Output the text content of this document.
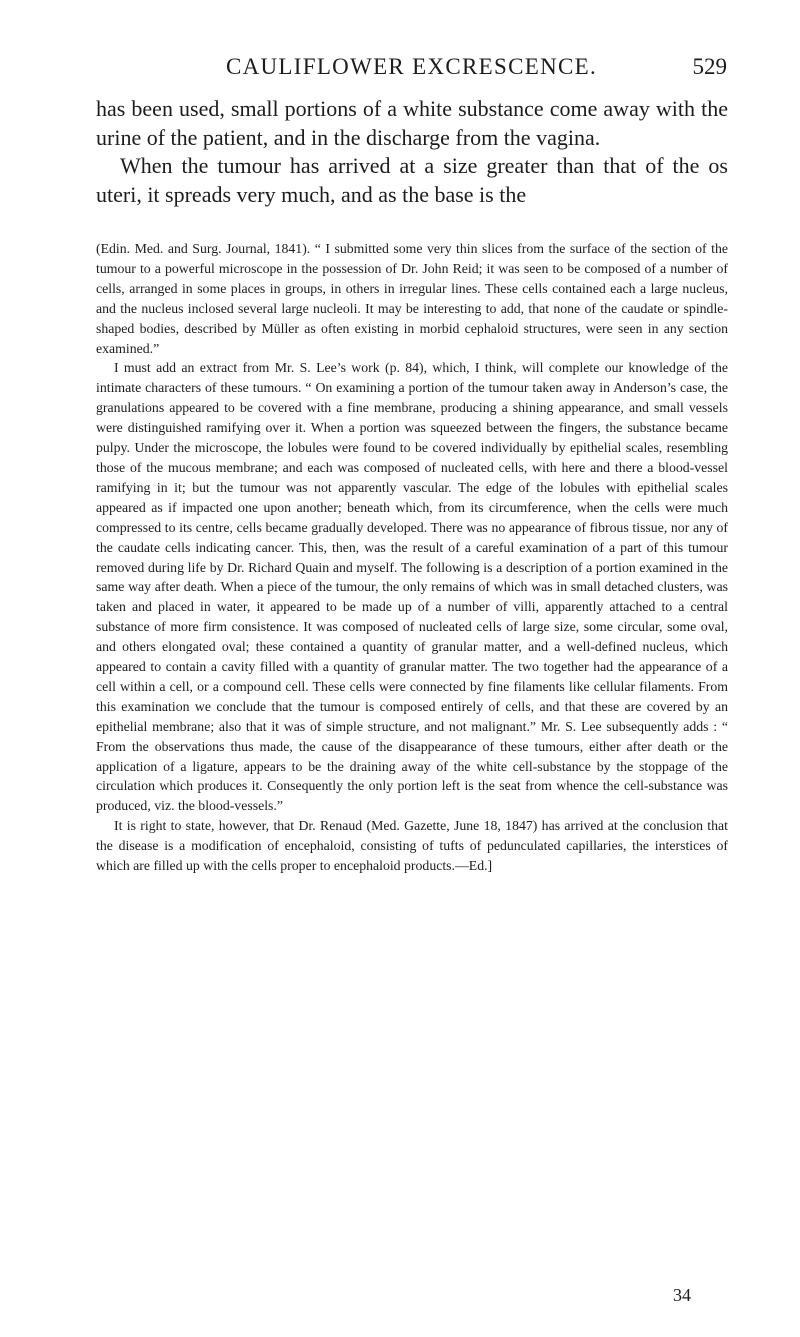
CAULIFLOWER EXCRESCENCE.	529

has been used, small portions of a white substance come away with the urine of the patient, and in the discharge from the vagina.

When the tumour has arrived at a size greater than that of the os uteri, it spreads very much, and as the base is the

(Edin. Med. and Surg. Journal, 1841). “ I submitted some very thin slices from the surface of the section of the tumour to a powerful microscope in the possession of Dr. John Reid; it was seen to be composed of a number of cells, arranged in some places in groups, in others in irregular lines. These cells contained each a large nucleus, and the nucleus inclosed several large nucleoli. It may be interesting to add, that none of the caudate or spindle-shaped bodies, described by Müller as often existing in morbid cephaloid structures, were seen in any section examined.”

I must add an extract from Mr. S. Lee’s work (p. 84), which, I think, will complete our knowledge of the intimate characters of these tumours. “ On examining a portion of the tumour taken away in Anderson’s case, the granulations appeared to be covered with a fine membrane, producing a shining appearance, and small vessels were distinguished ramifying over it. When a portion was squeezed between the fingers, the substance became pulpy. Under the microscope, the lobules were found to be covered individually by epithelial scales, resembling those of the mucous membrane; and each was composed of nucleated cells, with here and there a blood-vessel ramifying in it; but the tumour was not apparently vascular. The edge of the lobules with epithelial scales appeared as if impacted one upon another; beneath which, from its circumference, when the cells were much compressed to its centre, cells became gradually developed. There was no appearance of fibrous tissue, nor any of the caudate cells indicating cancer. This, then, was the result of a careful examination of a part of this tumour removed during life by Dr. Richard Quain and myself. The following is a description of a portion examined in the same way after death. When a piece of the tumour, the only remains of which was in small detached clusters, was taken and placed in water, it appeared to be made up of a number of villi, apparently attached to a central substance of more firm consistence. It was composed of nucleated cells of large size, some circular, some oval, and others elongated oval; these contained a quantity of granular matter, and a well-defined nucleus, which appeared to contain a cavity filled with a quantity of granular matter. The two together had the appearance of a cell within a cell, or a compound cell. These cells were connected by fine filaments like cellular filaments. From this examination we conclude that the tumour is composed entirely of cells, and that these are covered by an epithelial membrane; also that it was of simple structure, and not malignant.” Mr. S. Lee subsequently adds : “ From the observations thus made, the cause of the disappearance of these tumours, either after death or the application of a ligature, appears to be the draining away of the white cell-substance by the stoppage of the circulation which produces it. Consequently the only portion left is the seat from whence the cell-substance was produced, viz. the blood-vessels.”

It is right to state, however, that Dr. Renaud (Med. Gazette, June 18, 1847) has arrived at the conclusion that the disease is a modification of encephaloid, consisting of tufts of pedunculated capillaries, the interstices of which are filled up with the cells proper to encephaloid products.—Ed.]

34
